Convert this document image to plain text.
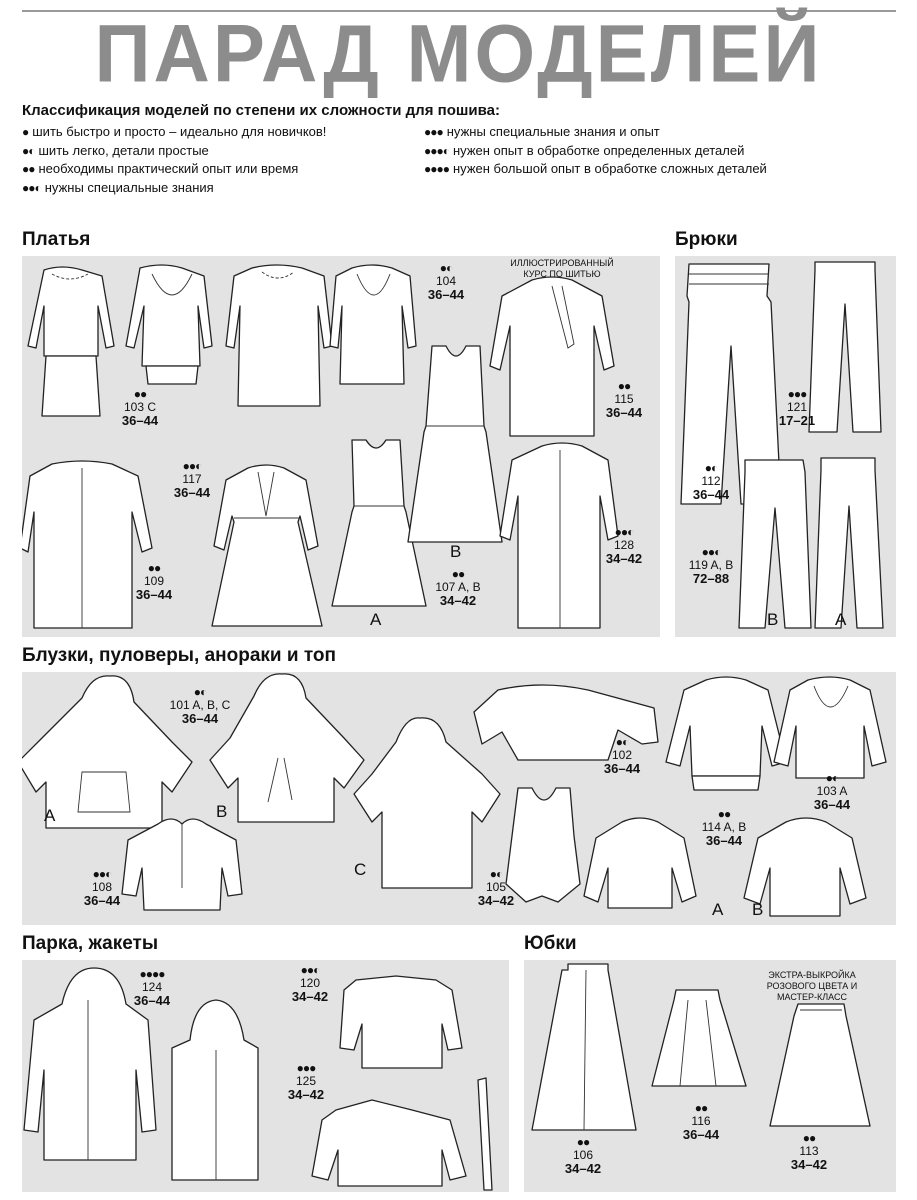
ПАРАД МОДЕЛЕЙ
Классификация моделей по степени их сложности для пошива:
● шить быстро и просто – идеально для новичков!
●◐ шить легко, детали простые
●● необходимы практический опыт или время
●●◐ нужны специальные знания
●●● нужны специальные знания и опыт
●●●◐ нужен опыт в обработке определенных деталей
●●●● нужен большой опыт в обработке сложных деталей
Платья
●◐
104
36–44
ИЛЛЮСТРИРОВАННЫЙ КУРС ПО ШИТЬЮ
●●
103 C
36–44
●●
115
36–44
●●◐
117
36–44
●●
109
36–44
●●
107 A, B
34–42
●●◐
128
34–42
A
B
Брюки
●●●
121
17–21
●◐
112
36–44
●●◐
119 A, B
72–88
B	A
Блузки, пуловеры, анораки и топ
●◐
101 A, B, C
36–44
●◐
102
36–44
●◐
103 A
36–44
●●
114 A, B
36–44
●●◐
108
36–44
●◐
105
34–42
A	B
C
A B
Парка, жакеты
●●●●
124
36–44
●●◐
120
34–42
●●●
125
34–42
Юбки
ЭКСТРА-ВЫКРОЙКА РОЗОВОГО ЦВЕТА И МАСТЕР-КЛАСС
●●
106
34–42
●●
116
36–44	●●
113
34–42
